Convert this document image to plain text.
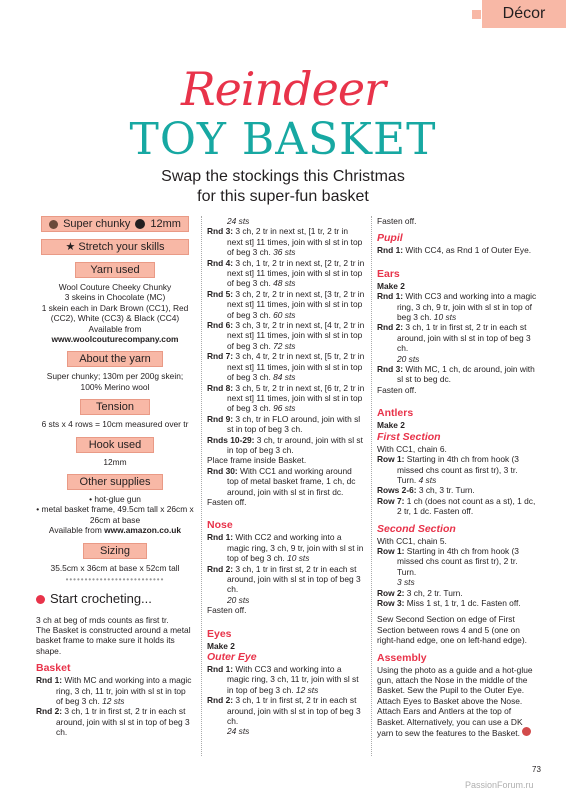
Décor
Reindeer
TOY BASKET
Swap the stockings this Christmas
for this super-fun basket
Super chunky 12mm
★ Stretch your skills
Yarn used

Wool Couture Cheeky Chunky

3 skeins in Chocolate (MC)

1 skein each in Dark Brown (CC1), Red

(CC2), White (CC3) & Black (CC4)

Available from

www.woolcouturecompany.com

About the yarn

Super chunky; 130m per 200g skein;

100% Merino wool

Tension

6 sts x 4 rows = 10cm measured over tr

Hook used

12mm

Other supplies

• hot-glue gun

• metal basket frame, 49.5cm tall x 26cm x

26cm at base

Available from www.amazon.co.uk

Sizing

35.5cm x 36cm at base x 52cm tall

••••••••••••••••••••••••••
Start crocheting...

3 ch at beg of rnds counts as first tr.

The Basket is constructed around a metal basket frame to make sure it holds its shape.

Basket

Rnd 1: With MC and working into a magic ring, 3 ch, 11 tr, join with sl st in top of beg 3 ch. 12 sts

Rnd 2: 3 ch, 1 tr in first st, 2 tr in each st around, join with sl st in top of beg 3 ch.

24 sts

Rnd 3: 3 ch, 2 tr in next st, [1 tr, 2 tr in next st] 11 times, join with sl st in top of beg 3 ch. 36 sts

Rnd 4: 3 ch, 1 tr, 2 tr in next st, [2 tr, 2 tr in next st] 11 times, join with sl st in top of beg 3 ch. 48 sts

Rnd 5: 3 ch, 2 tr, 2 tr in next st, [3 tr, 2 tr in next st] 11 times, join with sl st in top of beg 3 ch. 60 sts

Rnd 6: 3 ch, 3 tr, 2 tr in next st, [4 tr, 2 tr in next st] 11 times, join with sl st in top of beg 3 ch. 72 sts

Rnd 7: 3 ch, 4 tr, 2 tr in next st, [5 tr, 2 tr in next st] 11 times, join with sl st in top of beg 3 ch. 84 sts

Rnd 8: 3 ch, 5 tr, 2 tr in next st, [6 tr, 2 tr in next st] 11 times, join with sl st in top of beg 3 ch. 96 sts

Rnd 9: 3 ch, tr in FLO around, join with sl st in top of beg 3 ch.

Rnds 10-29: 3 ch, tr around, join with sl st in top of beg 3 ch.

Place frame inside Basket.

Rnd 30: With CC1 and working around top of metal basket frame, 1 ch, dc around, join with sl st in first dc.

Fasten off.

Nose

Rnd 1: With CC2 and working into a magic ring, 3 ch, 9 tr, join with sl st in top of beg 3 ch. 10 sts

Rnd 2: 3 ch, 1 tr in first st, 2 tr in each st around, join with sl st in top of beg 3 ch.

20 sts

Fasten off.

Eyes

Make 2

Outer Eye

Rnd 1: With CC3 and working into a magic ring, 3 ch, 11 tr, join with sl st in top of beg 3 ch. 12 sts

Rnd 2: 3 ch, 1 tr in first st, 2 tr in each st around, join with sl st in top of beg 3 ch.

24 sts

Fasten off.

Pupil

Rnd 1: With CC4, as Rnd 1 of Outer Eye.

Ears

Make 2

Rnd 1: With CC3 and working into a magic ring, 3 ch, 9 tr, join with sl st in top of beg 3 ch. 10 sts

Rnd 2: 3 ch, 1 tr in first st, 2 tr in each st around, join with sl st in top of beg 3 ch.

20 sts

Rnd 3: With MC, 1 ch, dc around, join with sl st to beg dc.

Fasten off.

Antlers

Make 2

First Section

With CC1, chain 6.

Row 1: Starting in 4th ch from hook (3 missed chs count as first tr), 3 tr. Turn. 4 sts

Rows 2-6: 3 ch, 3 tr. Turn.

Row 7: 1 ch (does not count as a st), 1 dc, 2 tr, 1 dc. Fasten off.

Second Section

With CC1, chain 5.

Row 1: Starting in 4th ch from hook (3 missed chs count as first tr), 2 tr. Turn.

3 sts

Row 2: 3 ch, 2 tr. Turn.

Row 3: Miss 1 st, 1 tr, 1 dc. Fasten off.

Sew Second Section on edge of First Section between rows 4 and 5 (one on right-hand edge, one on left-hand edge).

Assembly

Using the photo as a guide and a hot-glue gun, attach the Nose in the middle of the Basket. Sew the Pupil to the Outer Eye. Attach Eyes to Basket above the Nose. Attach Ears and Antlers at the top of Basket. Alternatively, you can use a DK yarn to sew the features to the Basket.

73
PassionForum.ru
